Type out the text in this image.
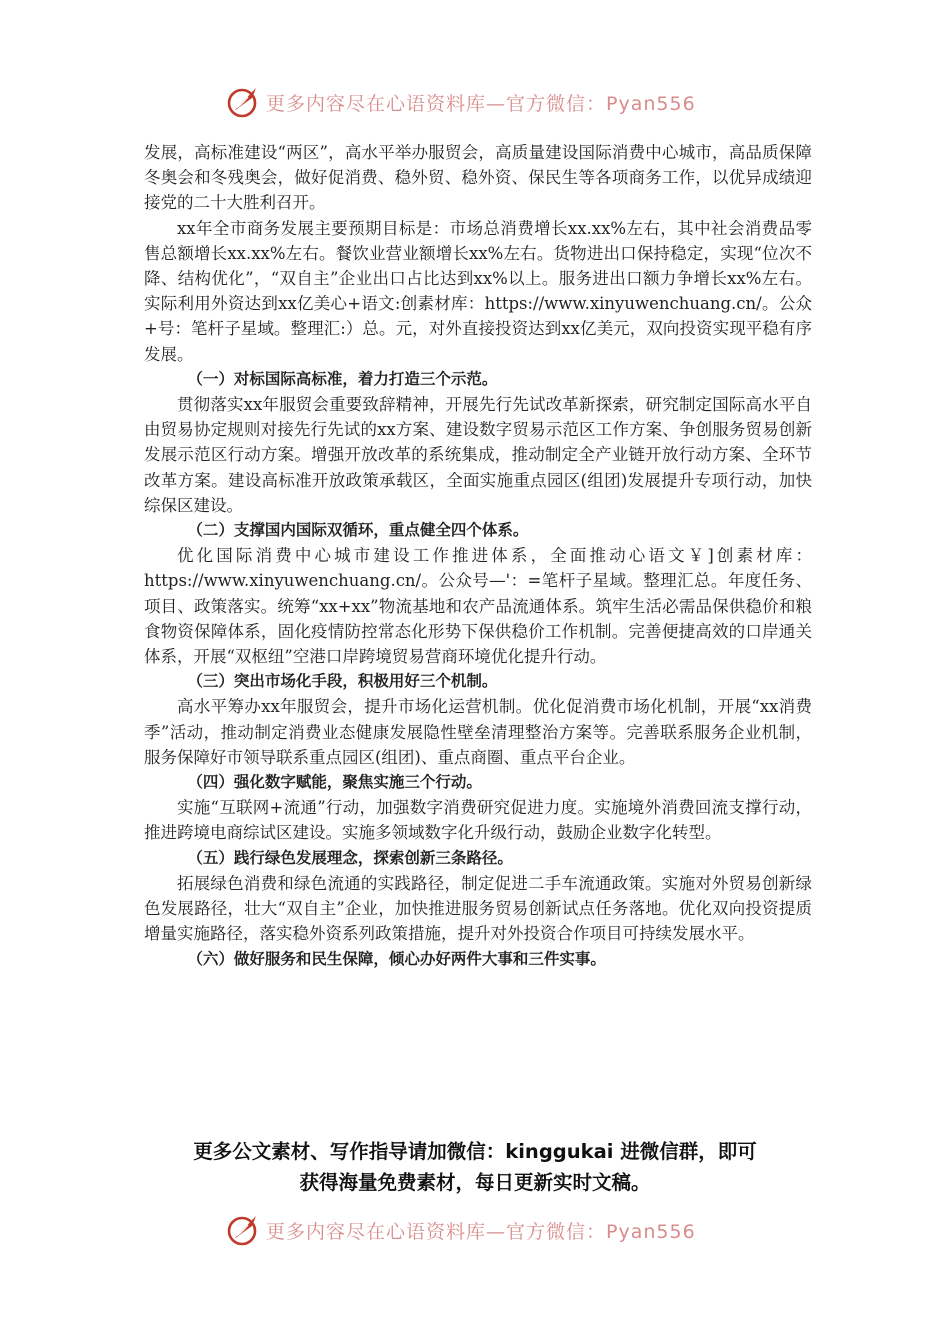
更多内容尽在心语资料库—官方微信：Pyan556

发展，高标准建设“两区”，高水平举办服贸会，高质量建设国际消费中心城市，高品质保障冬奥会和冬残奥会，做好促消费、稳外贸、稳外资、保民生等各项商务工作，以优异成绩迎接党的二十大胜利召开。

xx年全市商务发展主要预期目标是：市场总消费增长xx.xx%左右，其中社会消费品零售总额增长xx.xx%左右。餐饮业营业额增长xx%左右。货物进出口保持稳定，实现“位次不降、结构优化”，“双自主”企业出口占比达到xx%以上。服务进出口额力争增长xx%左右。实际利用外资达到xx亿美心+语文:创素材库：https://www.xinyuwenchuang.cn/。公众+号：笔杆子星域。整理汇:）总。元，对外直接投资达到xx亿美元，双向投资实现平稳有序发展。

（一）对标国际高标准，着力打造三个示范。

贯彻落实xx年服贸会重要致辞精神，开展先行先试改革新探索，研究制定国际高水平自由贸易协定规则对接先行先试的xx方案、建设数字贸易示范区工作方案、争创服务贸易创新发展示范区行动方案。增强开放改革的系统集成，推动制定全产业链开放行动方案、全环节改革方案。建设高标准开放政策承载区，全面实施重点园区(组团)发展提升专项行动，加快综保区建设。

（二）支撑国内国际双循环，重点健全四个体系。

优化国际消费中心城市建设工作推进体系，全面推动心语文￥]创素材库：https://www.xinyuwenchuang.cn/。公众号—'：=笔杆子星域。整理汇总。年度任务、项目、政策落实。统筹“xx+xx”物流基地和农产品流通体系。筑牢生活必需品保供稳价和粮食物资保障体系，固化疫情防控常态化形势下保供稳价工作机制。完善便捷高效的口岸通关体系，开展“双枢纽”空港口岸跨境贸易营商环境优化提升行动。

（三）突出市场化手段，积极用好三个机制。

高水平筹办xx年服贸会，提升市场化运营机制。优化促消费市场化机制，开展“xx消费季”活动，推动制定消费业态健康发展隐性壁垒清理整治方案等。完善联系服务企业机制，服务保障好市领导联系重点园区(组团)、重点商圈、重点平台企业。

（四）强化数字赋能，聚焦实施三个行动。

实施“互联网+流通”行动，加强数字消费研究促进力度。实施境外消费回流支撑行动，推进跨境电商综试区建设。实施多领域数字化升级行动，鼓励企业数字化转型。

（五）践行绿色发展理念，探索创新三条路径。

拓展绿色消费和绿色流通的实践路径，制定促进二手车流通政策。实施对外贸易创新绿色发展路径，壮大“双自主”企业，加快推进服务贸易创新试点任务落地。优化双向投资提质增量实施路径，落实稳外资系列政策措施，提升对外投资合作项目可持续发展水平。

（六）做好服务和民生保障，倾心办好两件大事和三件实事。

更多公文素材、写作指导请加微信：kinggukai 进微信群，即可
获得海量免费素材，每日更新实时文稿。
更多内容尽在心语资料库—官方微信：Pyan556
